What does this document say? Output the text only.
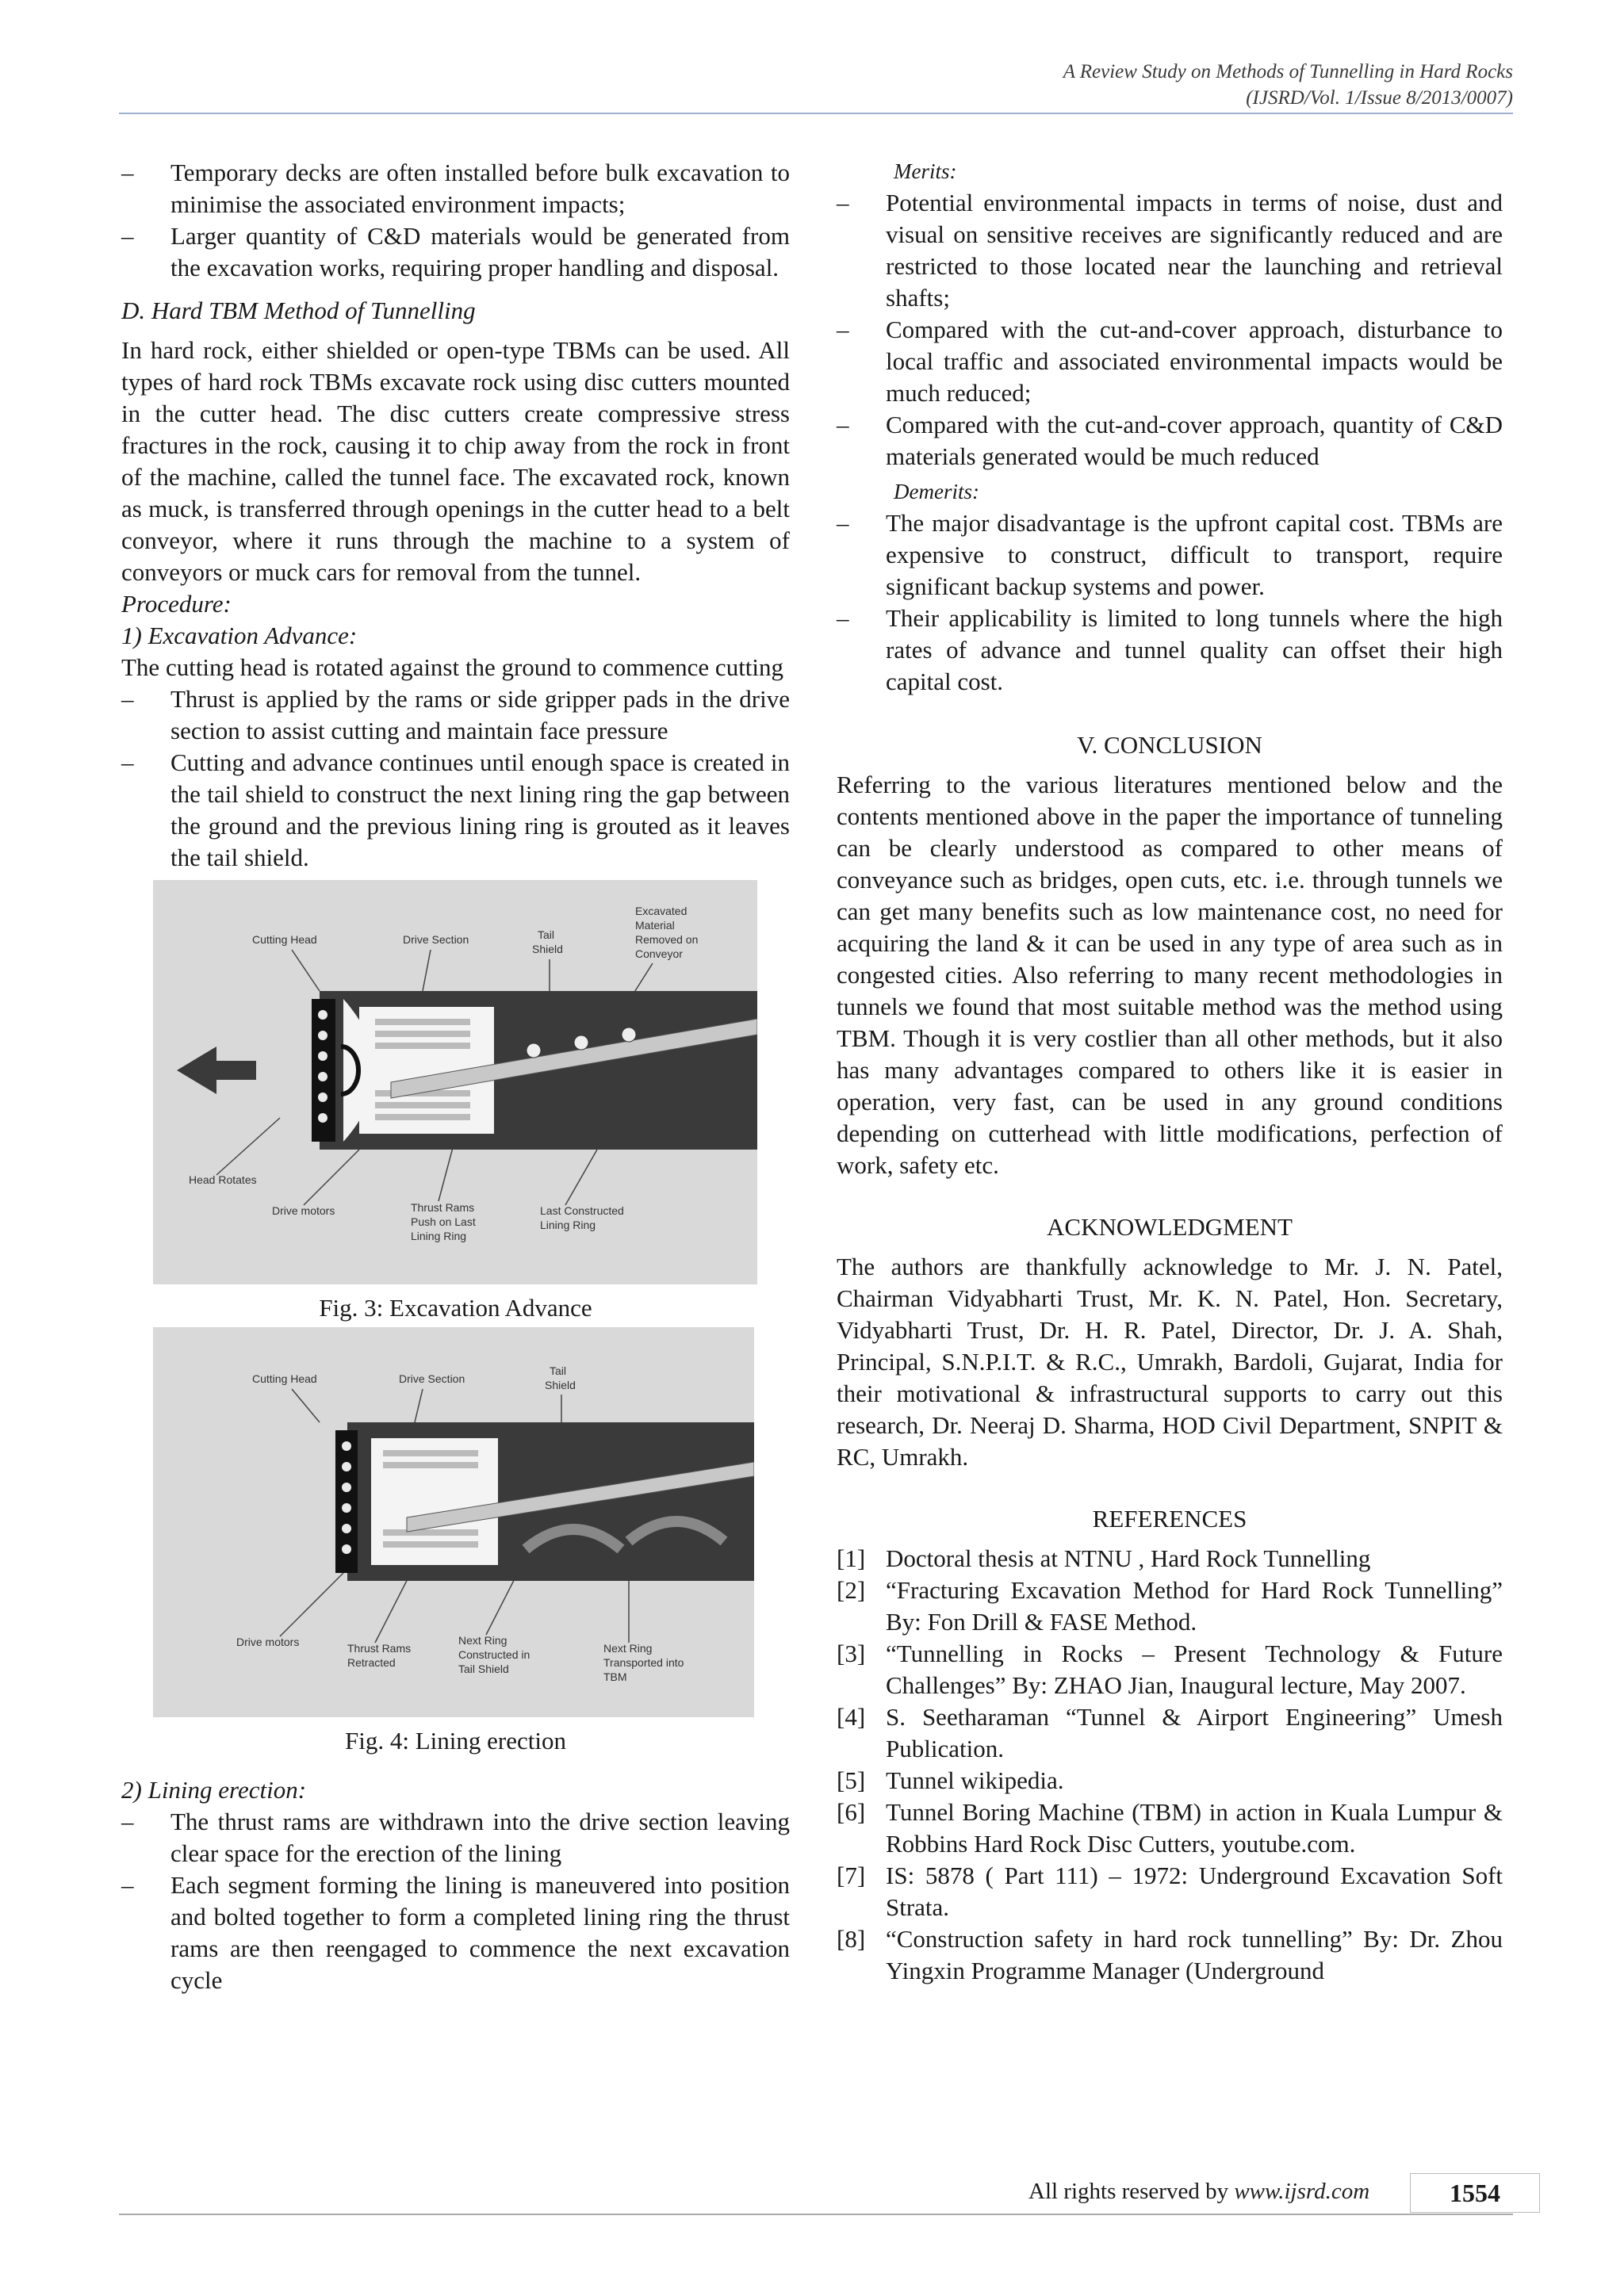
A Review Study on Methods of Tunnelling in Hard Rocks
(IJSRD/Vol. 1/Issue 8/2013/0007)
–	Temporary decks are often installed before bulk excavation to minimise the associated environment impacts;
–	Larger quantity of C&D materials would be generated from the excavation works, requiring proper handling and disposal.

D. Hard TBM Method of Tunnelling

In hard rock, either shielded or open-type TBMs can be used. All types of hard rock TBMs excavate rock using disc cutters mounted in the cutter head. The disc cutters create compressive stress fractures in the rock, causing it to chip away from the rock in front of the machine, called the tunnel face. The excavated rock, known as muck, is transferred through openings in the cutter head to a belt conveyor, where it runs through the machine to a system of conveyors or muck cars for removal from the tunnel.

Procedure:

1) Excavation Advance:

The cutting head is rotated against the ground to commence cutting

–	Thrust is applied by the rams or side gripper pads in the drive section to assist cutting and maintain face pressure
–	Cutting and advance continues until enough space is created in the tail shield to construct the next lining ring the gap between the ground and the previous lining ring is grouted as it leaves the tail shield.
Cutting Head	Drive Section	Tail
Shield
Excavated
Material
Removed on
Conveyor
Head Rotates
Drive motors	Thrust Rams
Push on Last
Lining Ring
Last Constructed
Lining Ring

Fig. 3: Excavation Advance

Cutting Head	Drive Section
Tail
Shield
Drive motors	Thrust Rams
Retracted
Next Ring
Constructed in
Tail Shield
Next Ring
Transported into
TBM

Fig. 4: Lining erection

2) Lining erection:

–	The thrust rams are withdrawn into the drive section leaving clear space for the erection of the lining
–	Each segment forming the lining is maneuvered into position and bolted together to form a completed lining ring the thrust rams are then reengaged to commence the next excavation cycle

Merits:

–	Potential environmental impacts in terms of noise, dust and visual on sensitive receives are significantly reduced and are restricted to those located near the launching and retrieval shafts;
–	Compared with the cut-and-cover approach, disturbance to local traffic and associated environmental impacts would be much reduced;
–	Compared with the cut-and-cover approach, quantity of C&D materials generated would be much reduced

Demerits:

–	The major disadvantage is the upfront capital cost. TBMs are expensive to construct, difficult to transport, require significant backup systems and power.
–	Their applicability is limited to long tunnels where the high rates of advance and tunnel quality can offset their high capital cost.

V. CONCLUSION

Referring to the various literatures mentioned below and the contents mentioned above in the paper the importance of tunneling can be clearly understood as compared to other means of conveyance such as bridges, open cuts, etc. i.e. through tunnels we can get many benefits such as low maintenance cost, no need for acquiring the land & it can be used in any type of area such as in congested cities. Also referring to many recent methodologies in tunnels we found that most suitable method was the method using TBM. Though it is very costlier than all other methods, but it also has many advantages compared to others like it is easier in operation, very fast, can be used in any ground conditions depending on cutterhead with little modifications, perfection of work, safety etc.

ACKNOWLEDGMENT

The authors are thankfully acknowledge to Mr. J. N. Patel, Chairman Vidyabharti Trust, Mr. K. N. Patel, Hon. Secretary, Vidyabharti Trust, Dr. H. R. Patel, Director, Dr. J. A. Shah, Principal, S.N.P.I.T. & R.C., Umrakh, Bardoli, Gujarat, India for their motivational & infrastructural supports to carry out this research, Dr. Neeraj D. Sharma, HOD Civil Department, SNPIT & RC, Umrakh.

REFERENCES

[1] Doctoral thesis at NTNU , Hard Rock Tunnelling
[2] “Fracturing Excavation Method for Hard Rock Tunnelling” By: Fon Drill & FASE Method.
[3] “Tunnelling in Rocks – Present Technology & Future Challenges” By: ZHAO Jian, Inaugural lecture, May 2007.
[4] S. Seetharaman “Tunnel & Airport Engineering” Umesh Publication.
[5] Tunnel wikipedia.
[6] Tunnel Boring Machine (TBM) in action in Kuala Lumpur & Robbins Hard Rock Disc Cutters, youtube.com.
[7] IS: 5878 ( Part 111) – 1972: Underground Excavation Soft Strata.
[8] “Construction safety in hard rock tunnelling” By: Dr. Zhou Yingxin Programme Manager (Underground
All rights reserved by www.ijsrd.com	1554
